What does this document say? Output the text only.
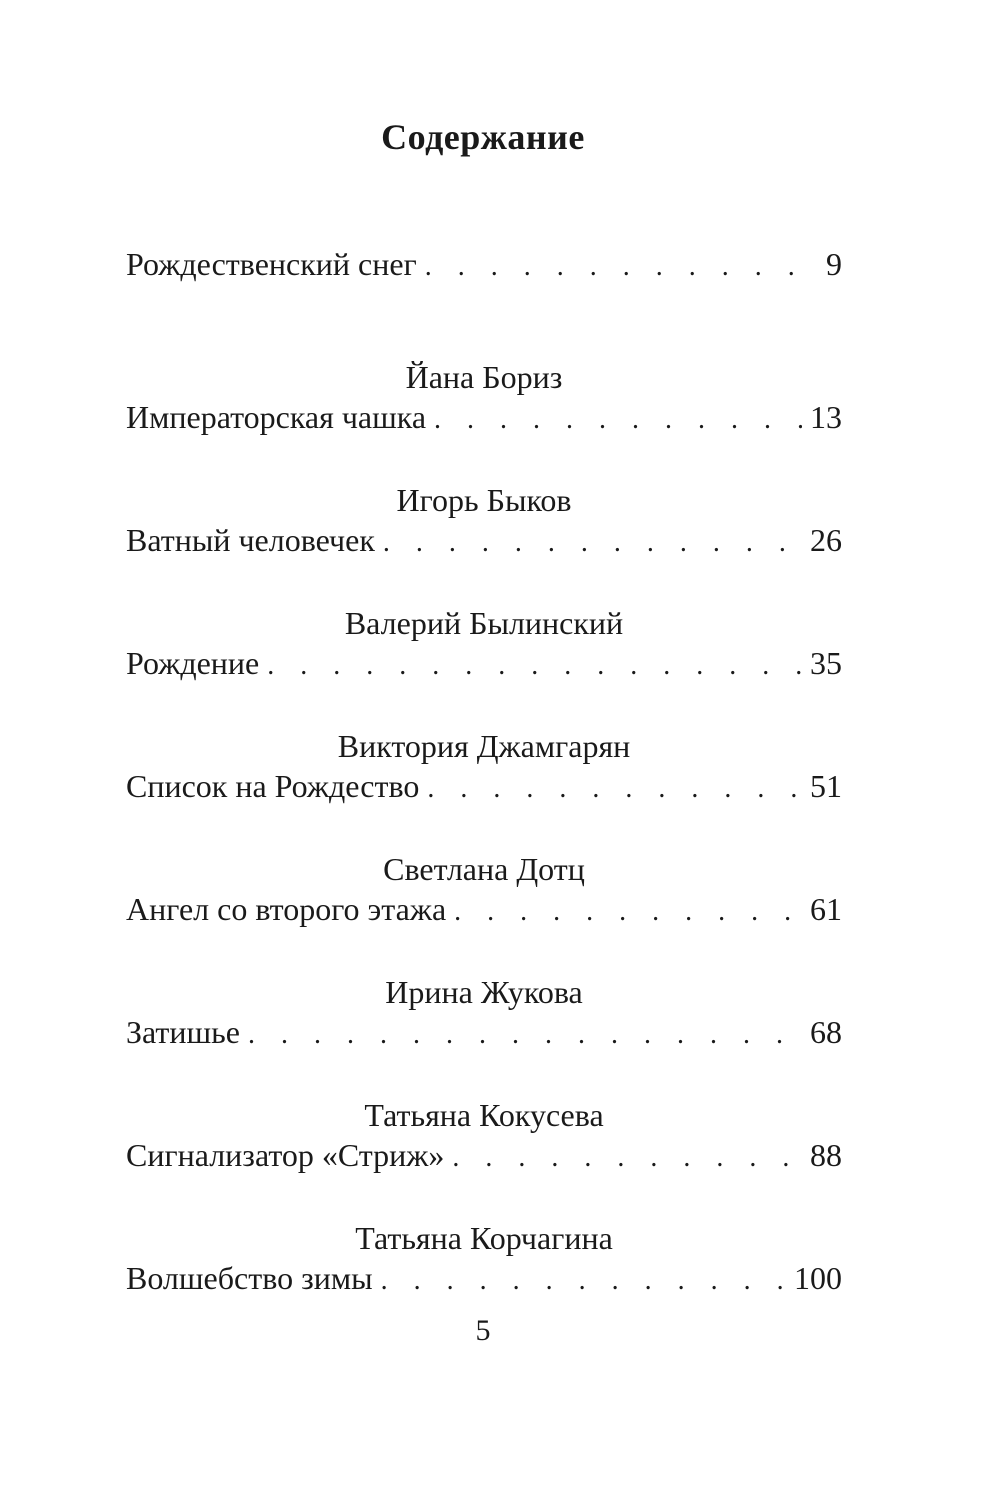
Содержание
Рождественский снег . . .	9
Йана Бориз
Императорская чашка . . .	13
Игорь Быков
Ватный человечек . . .	26
Валерий Былинский
Рождение . . .	35
Виктория Джамгарян
Список на Рождество . . .	51
Светлана Дотц
Ангел со второго этажа . . .	61
Ирина Жукова
Затишье . . .	68
Татьяна Кокусева
Сигнализатор «Стриж» . . .	88
Татьяна Корчагина
Волшебство зимы . . .	100
5
